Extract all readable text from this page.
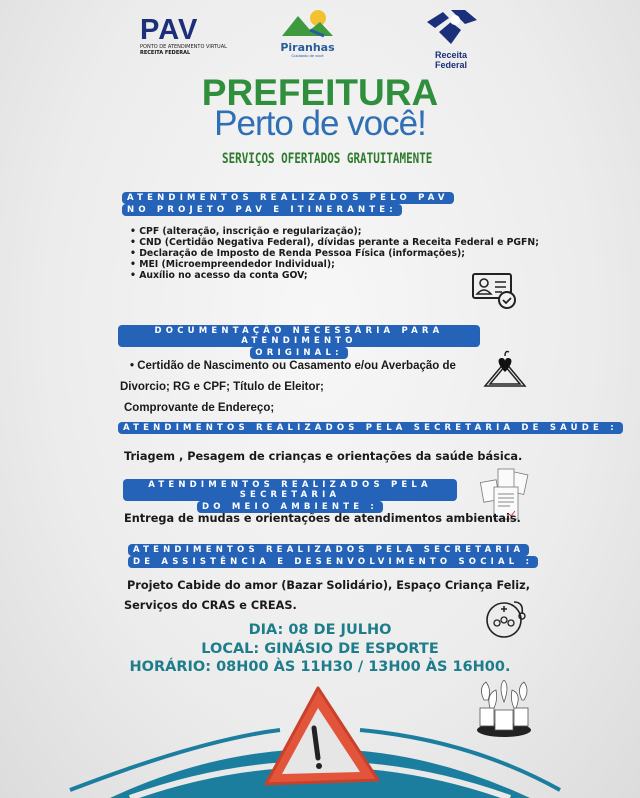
PAV
PONTO DE ATENDIMENTO VIRTUAL
RECEITA FEDERAL	Piranhas
Cuidando de você	Receita Federal
PREFEITURA
Perto de você!
SERVIÇOS OFERTADOS GRATUITAMENTE
ATENDIMENTOS REALIZADOS PELO PAV
NO PROJETO PAV E ITINERANTE:
• CPF (alteração, inscrição e regularização);
• CND (Certidão Negativa Federal), dívidas perante a Receita Federal e PGFN;
• Declaração de Imposto de Renda Pessoa Física (informações);
• MEI (Microempreendedor Individual);
• Auxílio no acesso da conta GOV;
DOCUMENTAÇÃO NECESSÁRIA PARA ATENDIMENTO
ORIGINAL:
• Certidão de Nascimento ou Casamento e/ou Averbação de
Divorcio; RG e CPF; Título de Eleitor;
Comprovante de Endereço;
ATENDIMENTOS REALIZADOS PELA SECRETARIA DE SAÚDE :
Triagem , Pesagem de crianças e orientações da saúde básica.
ATENDIMENTOS REALIZADOS PELA SECRETARIA
DO MEIO AMBIENTE :
Entrega de mudas e orientações de atendimentos ambientais.
ATENDIMENTOS REALIZADOS PELA SECRETARIA
DE ASSISTÊNCIA E DESENVOLVIMENTO SOCIAL :
Projeto Cabide do amor (Bazar Solidário), Espaço Criança Feliz,
Serviços do CRAS e CREAS.
DIA: 08 DE JULHO
LOCAL: GINÁSIO DE ESPORTE
HORÁRIO: 08H00 ÀS 11H30 / 13H00 ÀS 16H00.
